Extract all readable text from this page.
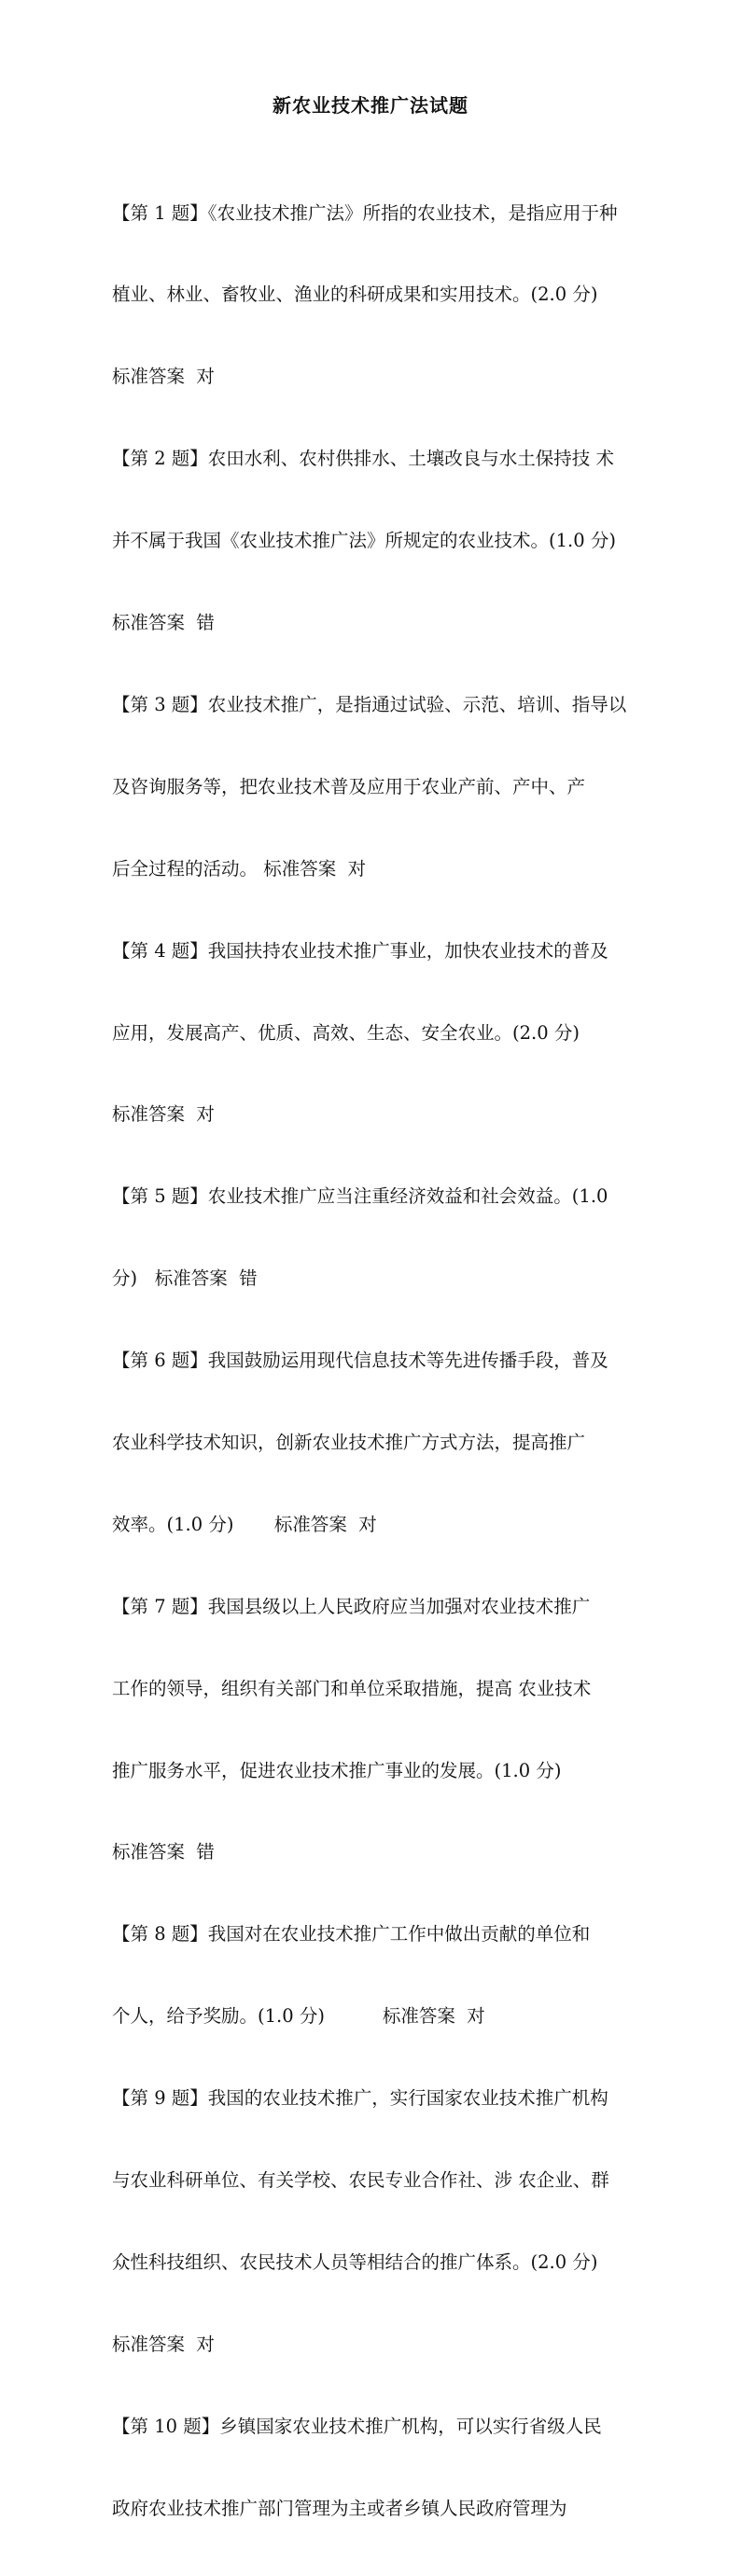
新农业技术推广法试题

【第 1 题】《农业技术推广法》所指的农业技术，是指应用于种

植业、林业、畜牧业、渔业的科研成果和实用技术。(2.0 分)

标准答案  对

【第 2 题】农田水利、农村供排水、土壤改良与水土保持技 术

并不属于我国《农业技术推广法》所规定的农业技术。(1.0 分)

标准答案  错

【第 3 题】农业技术推广，是指通过试验、示范、培训、指导以

及咨询服务等，把农业技术普及应用于农业产前、产中、产

后全过程的活动。 标准答案  对

【第 4 题】我国扶持农业技术推广事业，加快农业技术的普及

应用，发展高产、优质、高效、生态、安全农业。(2.0 分)

标准答案  对

【第 5 题】农业技术推广应当注重经济效益和社会效益。(1.0

分)   标准答案  错

【第 6 题】我国鼓励运用现代信息技术等先进传播手段，普及

农业科学技术知识，创新农业技术推广方式方法，提高推广

效率。(1.0 分)       标准答案  对

【第 7 题】我国县级以上人民政府应当加强对农业技术推广

工作的领导，组织有关部门和单位采取措施，提高 农业技术

推广服务水平，促进农业技术推广事业的发展。(1.0 分)

标准答案  错

【第 8 题】我国对在农业技术推广工作中做出贡献的单位和

个人，给予奖励。(1.0 分)          标准答案  对

【第 9 题】我国的农业技术推广，实行国家农业技术推广机构

与农业科研单位、有关学校、农民专业合作社、涉 农企业、群

众性科技组织、农民技术人员等相结合的推广体系。(2.0 分)

标准答案  对

【第 10 题】乡镇国家农业技术推广机构，可以实行省级人民

政府农业技术推广部门管理为主或者乡镇人民政府管理为
